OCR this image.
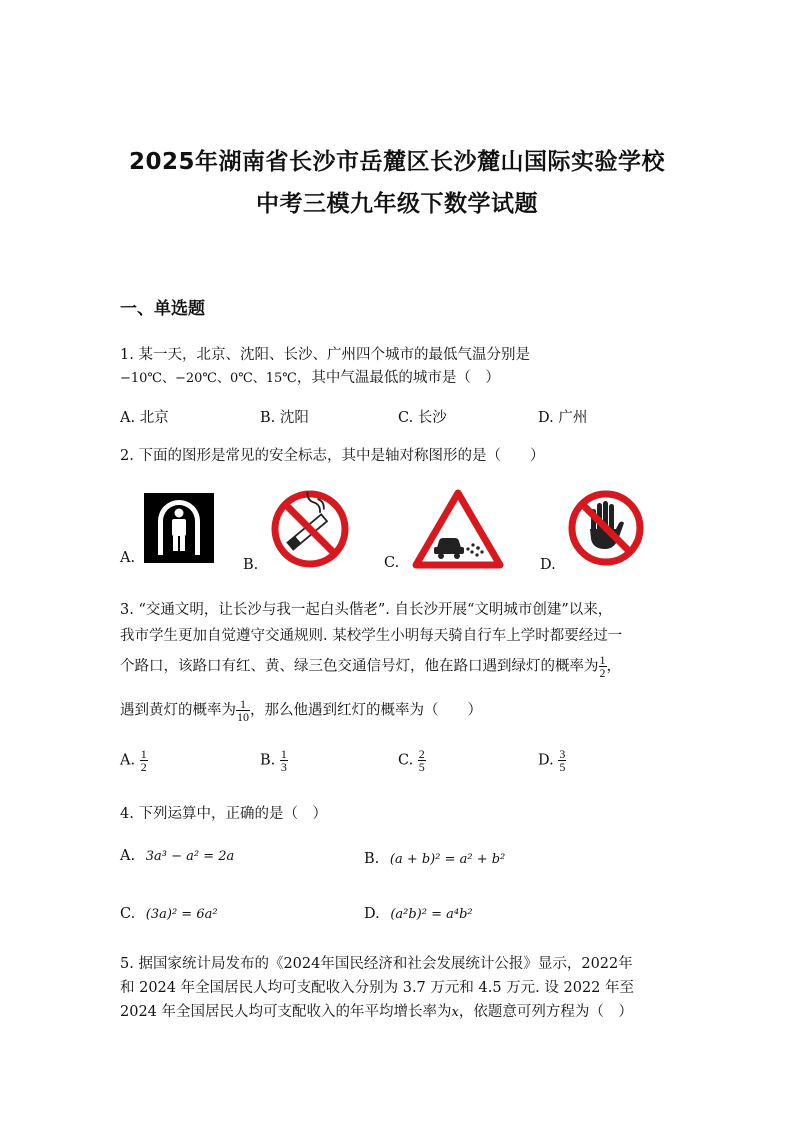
2025年湖南省长沙市岳麓区长沙麓山国际实验学校
中考三模九年级下数学试题
一、单选题
1. 某一天，北京、沈阳、长沙、广州四个城市的最低气温分别是
−10℃、−20℃、0℃、15℃，其中气温最低的城市是（　）
A. 北京	B. 沈阳	C. 长沙	D. 广州
2. 下面的图形是常见的安全标志，其中是轴对称图形的是（　　）
A.	B.	C.	D.
3. “交通文明，让长沙与我一起白头偕老”. 自长沙开展“文明城市创建”以来，
我市学生更加自觉遵守交通规则. 某校学生小明每天骑自行车上学时都要经过一
个路口，该路口有红、黄、绿三色交通信号灯，他在路口遇到绿灯的概率为 $\frac{1}{2}$ ，
遇到黄灯的概率为 $\frac{1}{10}$ ，那么他遇到红灯的概率为（　　）
A. $\frac{1}{2}$	B. $\frac{1}{3}$	C. $\frac{2}{5}$	D. $\frac{3}{5}$
4. 下列运算中，正确的是（　）
A. 3a³ − a² = 2a	B. (a + b)² = a² + b²
C. (3a)² = 6a²	D. (a²b)² = a⁴b²
5. 据国家统计局发布的《2024年国民经济和社会发展统计公报》显示，2022年
和 2024 年全国居民人均可支配收入分别为 3.7 万元和 4.5 万元. 设 2022 年至
2024 年全国居民人均可支配收入的年平均增长率为x，依题意可列方程为（　）
